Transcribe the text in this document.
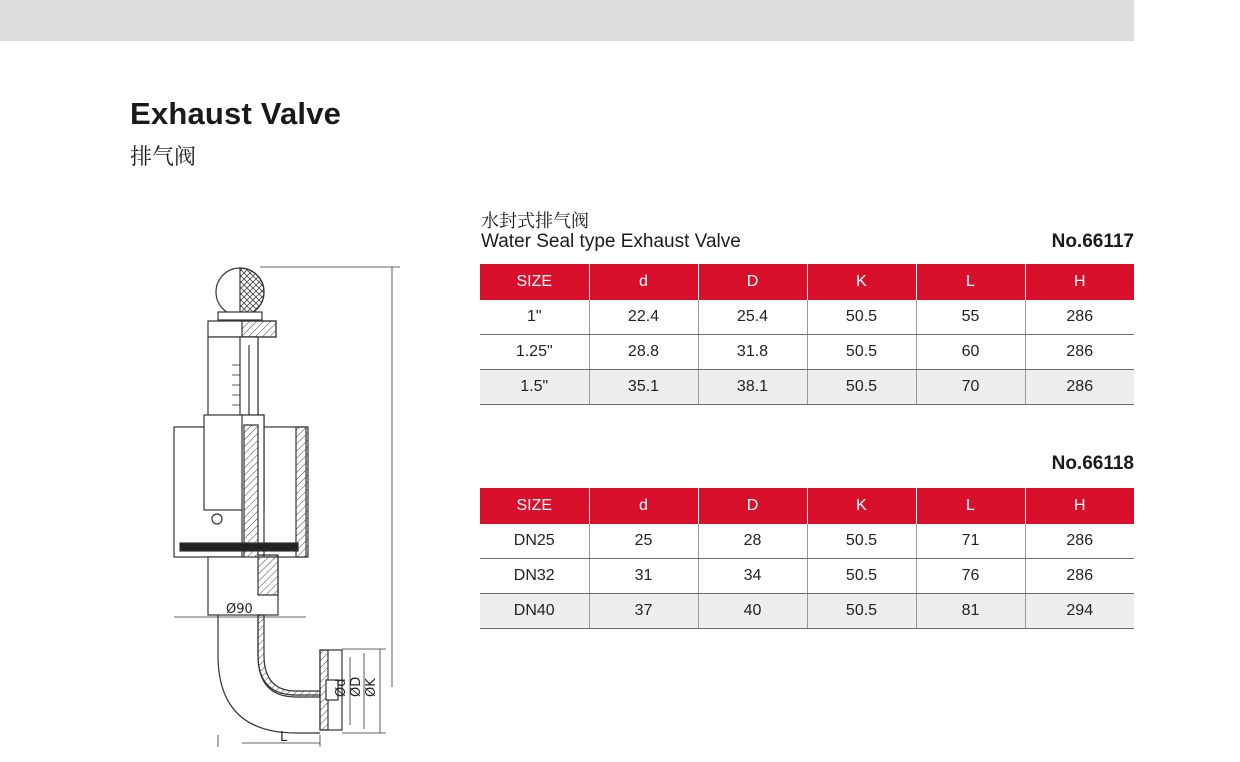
Exhaust Valve
排气阀
Ø90
L
Ød ØD ØK
水封式排气阀
Water Seal type Exhaust Valve	No.66117
SIZE	d	D	K	L	H
1"	22.4	25.4	50.5	55	286
1.25"	28.8	31.8	50.5	60	286
1.5"	35.1	38.1	50.5	70	286
No.66118
SIZE	d	D	K	L	H
DN25	25	28	50.5	71	286
DN32	31	34	50.5	76	286
DN40	37	40	50.5	81	294
